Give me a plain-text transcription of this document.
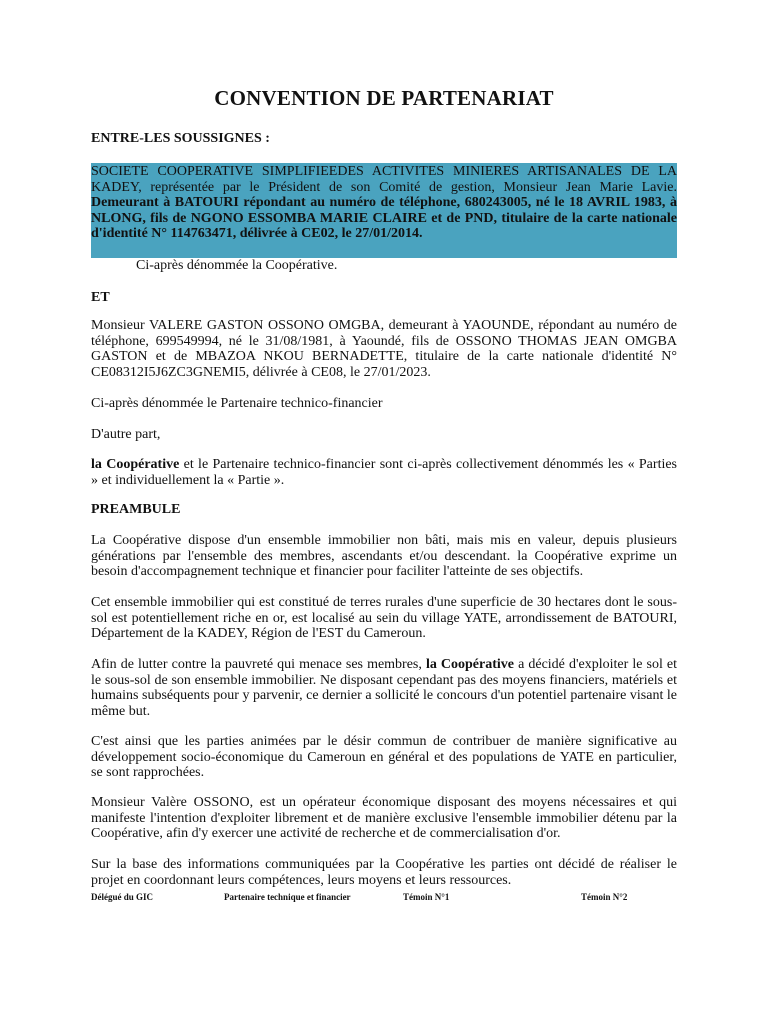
CONVENTION DE PARTENARIAT
ENTRE-LES SOUSSIGNES :
SOCIETE COOPERATIVE SIMPLIFIEEDES ACTIVITES MINIERES ARTISANALES DE LA KADEY, représentée par le Président de son Comité de gestion, Monsieur Jean Marie Lavie. Demeurant à BATOURI répondant au numéro de téléphone, 680243005, né le 18 AVRIL 1983, à NLONG, fils de NGONO ESSOMBA MARIE CLAIRE et de PND, titulaire de la carte nationale d'identité N° 114763471, délivrée à CE02, le 27/01/2014.
Ci-après dénommée la Coopérative.
ET
Monsieur VALERE GASTON OSSONO OMGBA, demeurant à YAOUNDE, répondant au numéro de téléphone, 699549994, né le 31/08/1981, à Yaoundé, fils de OSSONO THOMAS JEAN OMGBA GASTON et de MBAZOA NKOU BERNADETTE, titulaire de la carte nationale d'identité N° CE08312I5J6ZC3GNEMI5, délivrée à CE08, le 27/01/2023.
Ci-après dénommée le Partenaire technico-financier
D'autre part,
la Coopérative et le Partenaire technico-financier sont ci-après collectivement dénommés les « Parties » et individuellement la « Partie ».
PREAMBULE
La Coopérative dispose d'un ensemble immobilier non bâti, mais mis en valeur, depuis plusieurs générations par l'ensemble des membres, ascendants et/ou descendant. la Coopérative exprime un besoin d'accompagnement technique et financier pour faciliter l'atteinte de ses objectifs.
Cet ensemble immobilier qui est constitué de terres rurales d'une superficie de 30 hectares dont le sous-sol est potentiellement riche en or, est localisé au sein du village YATE, arrondissement de BATOURI, Département de la KADEY, Région de l'EST du Cameroun.
Afin de lutter contre la pauvreté qui menace ses membres, la Coopérative a décidé d'exploiter le sol et le sous-sol de son ensemble immobilier. Ne disposant cependant pas des moyens financiers, matériels et humains subséquents pour y parvenir, ce dernier a sollicité le concours d'un potentiel partenaire visant le même but.
C'est ainsi que les parties animées par le désir commun de contribuer de manière significative au développement socio-économique du Cameroun en général et des populations de YATE en particulier, se sont rapprochées.
Monsieur Valère OSSONO, est un opérateur économique disposant des moyens nécessaires et qui manifeste l'intention d'exploiter librement et de manière exclusive l'ensemble immobilier détenu par la Coopérative, afin d'y exercer une activité de recherche et de commercialisation d'or.
Sur la base des informations communiquées par la Coopérative les parties ont décidé de réaliser le projet en coordonnant leurs compétences, leurs moyens et leurs ressources.
Délégué du GIC	Partenaire technique et financier	Témoin N°1	Témoin N°2
